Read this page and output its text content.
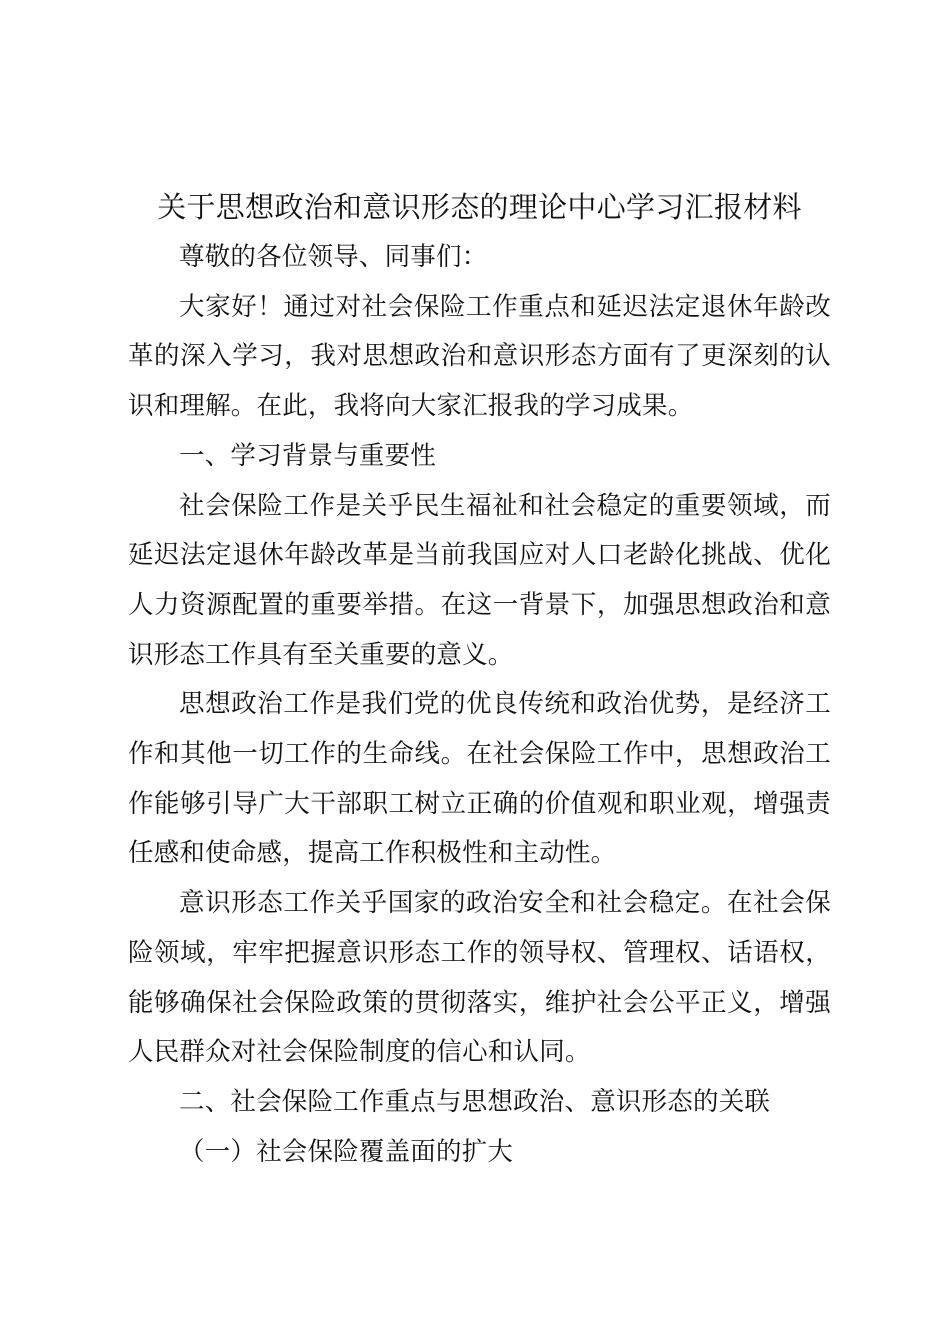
关于思想政治和意识形态的理论中心学习汇报材料

尊敬的各位领导、同事们：

大家好！通过对社会保险工作重点和延迟法定退休年龄改革的深入学习，我对思想政治和意识形态方面有了更深刻的认识和理解。在此，我将向大家汇报我的学习成果。

一、学习背景与重要性

社会保险工作是关乎民生福祉和社会稳定的重要领域，而延迟法定退休年龄改革是当前我国应对人口老龄化挑战、优化人力资源配置的重要举措。在这一背景下，加强思想政治和意识形态工作具有至关重要的意义。

思想政治工作是我们党的优良传统和政治优势，是经济工作和其他一切工作的生命线。在社会保险工作中，思想政治工作能够引导广大干部职工树立正确的价值观和职业观，增强责任感和使命感，提高工作积极性和主动性。

意识形态工作关乎国家的政治安全和社会稳定。在社会保险领域，牢牢把握意识形态工作的领导权、管理权、话语权，能够确保社会保险政策的贯彻落实，维护社会公平正义，增强人民群众对社会保险制度的信心和认同。

二、社会保险工作重点与思想政治、意识形态的关联

（一）社会保险覆盖面的扩大
